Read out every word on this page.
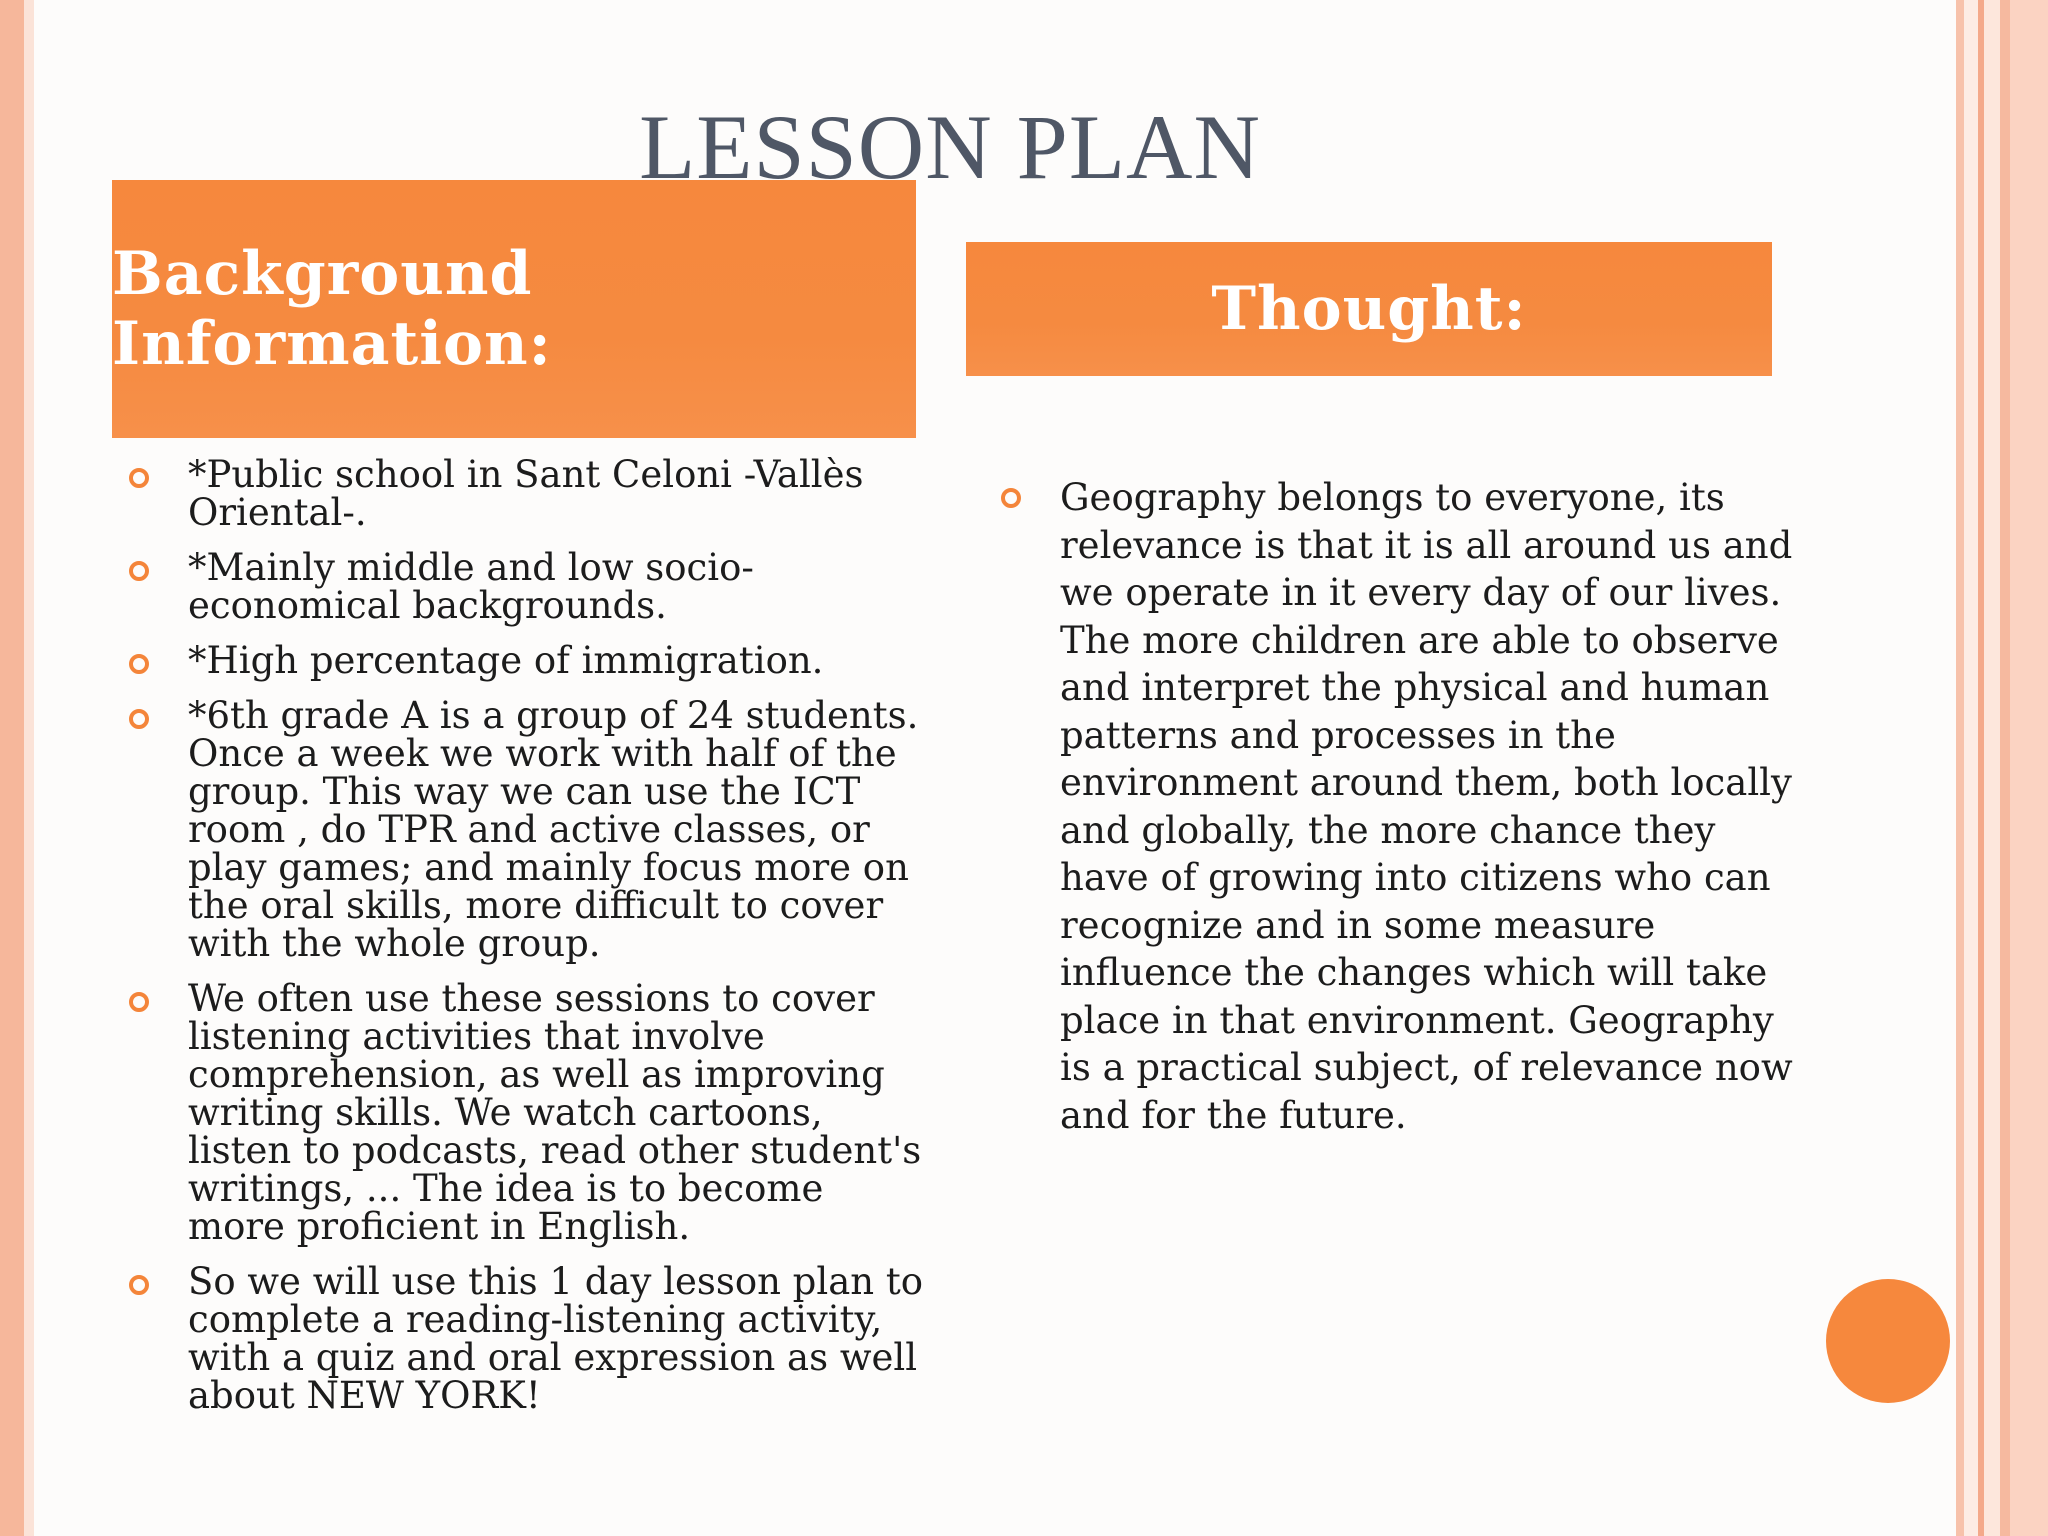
Background Information:
LESSON PLAN
Thought:
*Public school in Sant Celoni -Vallès Oriental-.
*Mainly middle and low socio-economical backgrounds.
*High percentage of immigration.
*6th grade A is a group of 24 students. Once a week we work with half of the group. This way we can use the ICT room , do TPR and active classes, or play games; and mainly focus more on the oral skills, more difficult to cover with the whole group.
We often use these sessions to cover listening activities that involve comprehension, as well as improving writing skills. We watch cartoons, listen to podcasts, read other student's writings, ... The idea is to become more proficient in English.
So we will use this 1 day lesson plan to complete a reading-listening activity, with a quiz and oral expression as well about NEW YORK!
Geography belongs to everyone, its relevance is that it is all around us and we operate in it every day of our lives. The more children are able to observe and interpret the physical and human patterns and processes in the environment around them, both locally and globally, the more chance they have of growing into citizens who can recognize and in some measure influence the changes which will take place in that environment. Geography is a practical subject, of relevance now and for the future.
